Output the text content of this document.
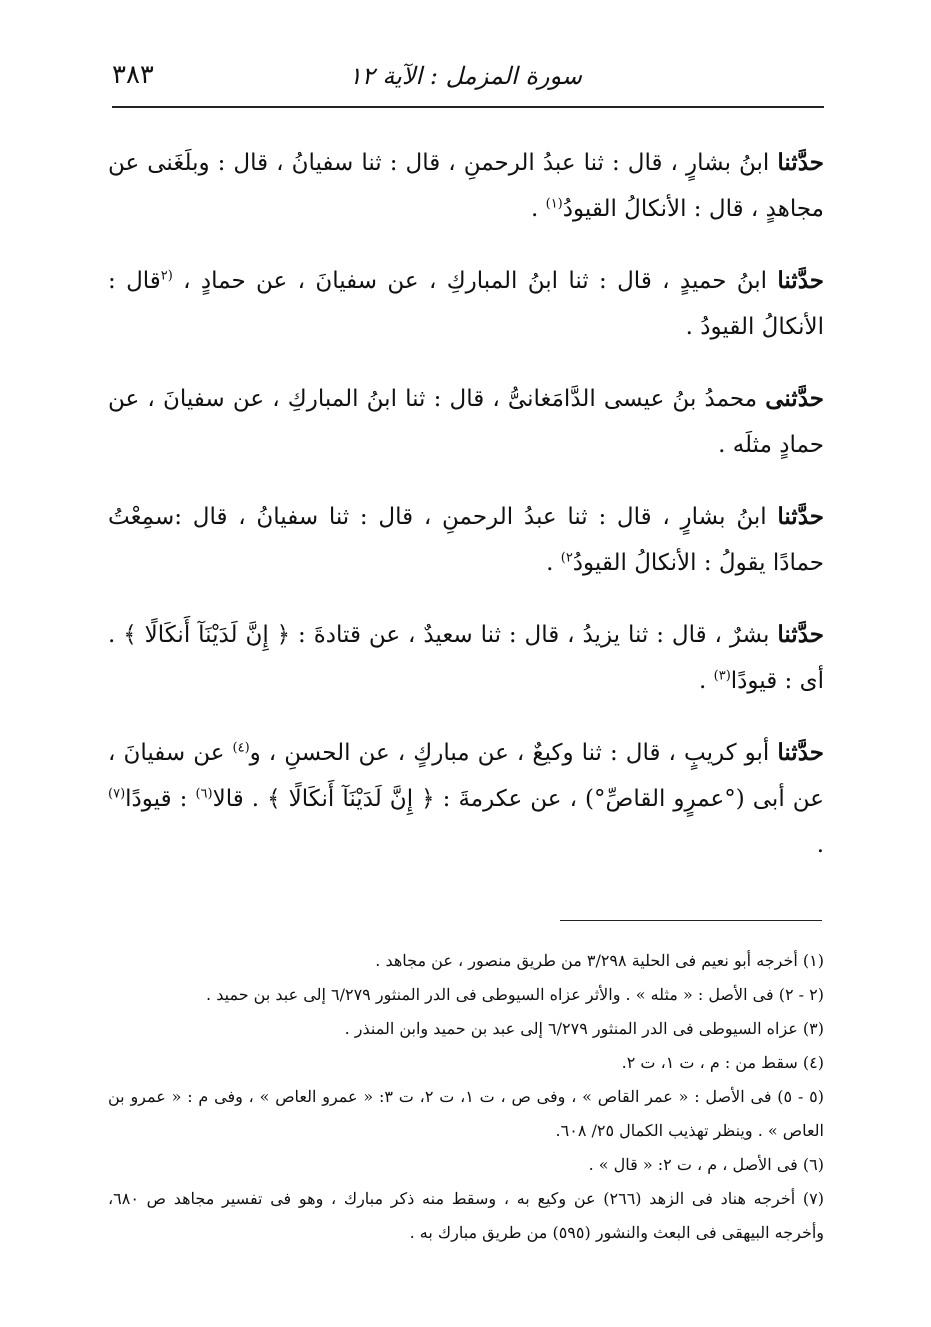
سورة المزمل : الآية ١٢
٣٨٣

حدَّثنا ابنُ بشارٍ ، قال : ثنا عبدُ الرحمنِ ، قال : ثنا سفيانُ ، قال : وبلَغَنى عن مجاهدٍ ، قال : الأنكالُ القيودُ$^{(١)}$ .

حدَّثنا ابنُ حميدٍ ، قال : ثنا ابنُ المباركِ ، عن سفيانَ ، عن حمادٍ ، $^{(٢}$قال : الأنكالُ القيودُ .

حدَّثنى محمدُ بنُ عيسى الدَّامَغانىُّ ، قال : ثنا ابنُ المباركِ ، عن سفيانَ ، عن حمادٍ مثلَه .

حدَّثنا ابنُ بشارٍ ، قال : ثنا عبدُ الرحمنِ ، قال : ثنا سفيانُ ، قال :سمِعْتُ حمادًا يقولُ : الأنكالُ القيودُ$^{٢)}$ .

حدَّثنا بشرٌ ، قال : ثنا يزيدُ ، قال : ثنا سعيدٌ ، عن قتادةَ : ﴿ إِنَّ لَدَيْنَآ أَنكَالًا ﴾ . أى : قيودًا$^{(٣)}$ .

حدَّثنا أبو كريبٍ ، قال : ثنا وكيعٌ ، عن مباركٍ ، عن الحسنِ ، و$^{(٤)}$ عن سفيانَ ، عن أبى (°عمرٍو القاصِّ°) ، عن عكرمةَ : ﴿ إِنَّ لَدَيْنَآ أَنكَالًا ﴾ . قالا$^{(٦)}$ : قيودًا$^{(٧)}$ .

(١) أخرجه أبو نعيم فى الحلية ٣/٢٩٨ من طريق منصور ، عن مجاهد .

(٢ - ٢) فى الأصل : « مثله » . والأثر عزاه السيوطى فى الدر المنثور ٦/٢٧٩ إلى عبد بن حميد .

(٣) عزاه السيوطى فى الدر المنثور ٦/٢٧٩ إلى عبد بن حميد وابن المنذر .

(٤) سقط من : م ، ت ١، ت ٢.

(٥ - ٥) فى الأصل : « عمر القاص » ، وفى ص ، ت ١، ت ٢، ت ٣: « عمرو العاص » ، وفى م : « عمرو بن العاص » . وينظر تهذيب الكمال ٢٥/ ٦٠٨.

(٦) فى الأصل ، م ، ت ٢: « قال » .

(٧) أخرجه هناد فى الزهد (٢٦٦) عن وكيع به ، وسقط منه ذكر مبارك ، وهو فى تفسير مجاهد ص ٦٨٠، وأخرجه البيهقى فى البعث والنشور (٥٩٥) من طريق مبارك به .
